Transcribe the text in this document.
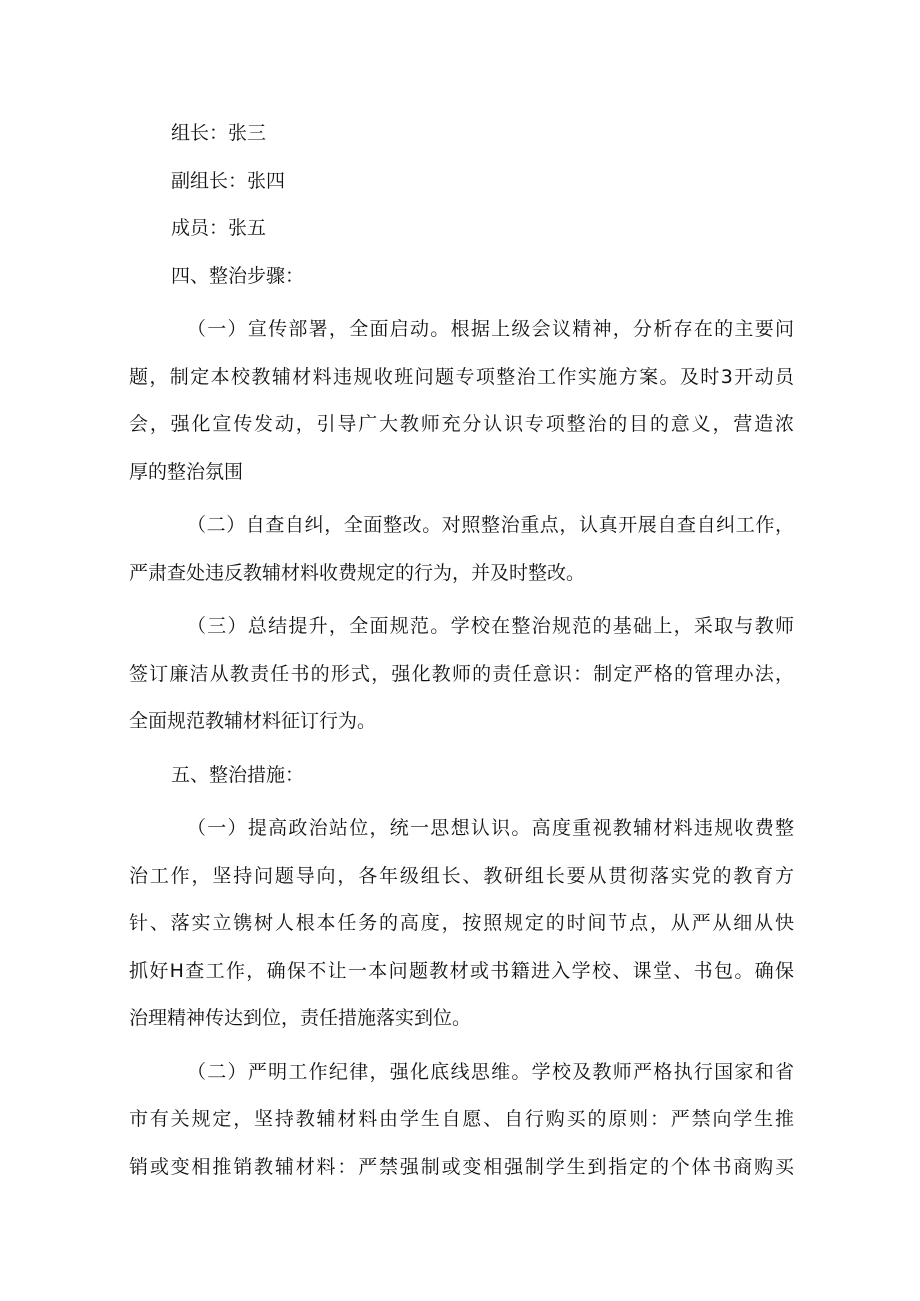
组长：张三
副组长：张四
成员：张五
四、整治步骤：
（一）宣传部署，全面启动。根据上级会议精神，分析存在的主要问
题，制定本校教辅材料违规收班问题专项整治工作实施方案。及时3开动员
会，强化宣传发动，引导广大教师充分认识专项整治的目的意义，营造浓
厚的整治氛围
（二）自查自纠，全面整改。对照整治重点，认真开展自查自纠工作，
严肃查处违反教辅材料收费规定的行为，并及时整改。
（三）总结提升，全面规范。学校在整治规范的基础上，采取与教师
签订廉洁从教责任书的形式，强化教师的责任意识：制定严格的管理办法，
全面规范教辅材料征订行为。
五、整治措施：
（一）提高政治站位，统一思想认识。高度重视教辅材料违规收费整
治工作，坚持问题导向，各年级组长、教研组长要从贯彻落实党的教育方
针、落实立镌树人根本任务的高度，按照规定的时间节点，从严从细从快
抓好H查工作，确保不让一本问题教材或书籍进入学校、课堂、书包。确保
治理精神传达到位，责任措施落实到位。
（二）严明工作纪律，强化底线思维。学校及教师严格执行国家和省
市有关规定，坚持教辅材料由学生自愿、自行购买的原则：严禁向学生推
销或变相推销教辅材料：严禁强制或变相强制学生到指定的个体书商购买
